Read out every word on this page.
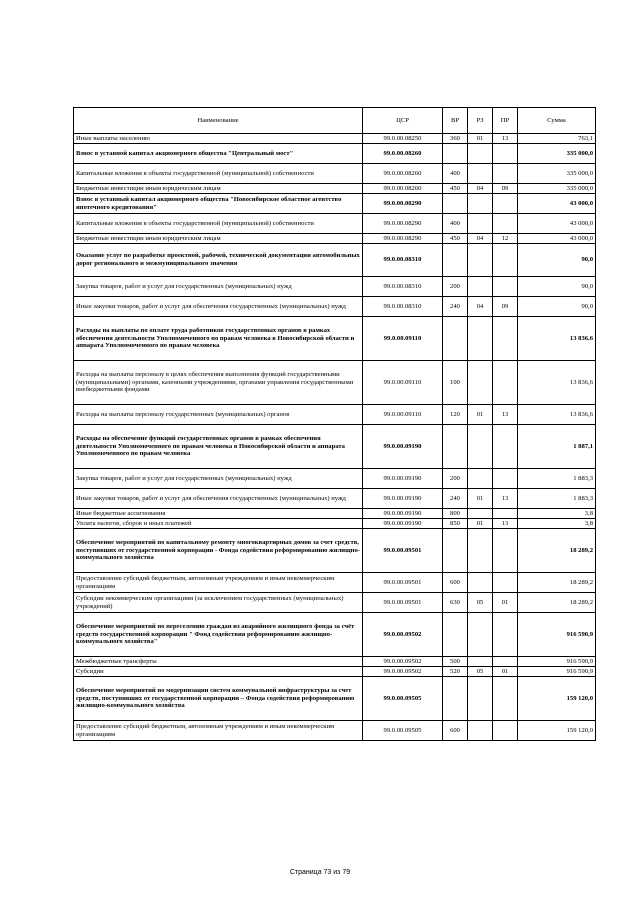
Наименование	ЦСР	ВР	РЗ	ПР	Сумма
Иные выплаты населению	99.0.00.08250	360	01	13	763,1
Взнос в уставной капитал акционерного общества "Центральный мост"	99.0.00.08260				335 000,0
Капитальные вложения в объекты государственной (муниципальной) собственности	99.0.00.08260	400			335 000,0
Бюджетные инвестиции иным юридическим лицам	99.0.00.08260	450	04	09	335 000,0
Взнос в уставный капитал акционерного общества "Новосибирское областное агентство ипотечного кредитования"	99.0.00.08290				43 000,0
Капитальные вложения в объекты государственной (муниципальной) собственности	99.0.00.08290	400			43 000,0
Бюджетные инвестиции иным юридическим лицам	99.0.00.08290	450	04	12	43 000,0
Оказание услуг по разработке проектной, рабочей, технической документации автомобильных дорог регионального и межмуниципального значения	99.0.00.08310				90,0
Закупка товаров, работ и услуг для государственных (муниципальных) нужд	99.0.00.08310	200			90,0
Иные закупки товаров, работ и услуг для обеспечения государственных (муниципальных) нужд	99.0.00.08310	240	04	09	90,0
Расходы на выплаты по оплате труда работников государственных органов в рамках обеспечения деятельности Уполномоченного по правам человека в Новосибирской области и аппарата Уполномоченного по правам человека	99.0.00.09110				13 836,6
Расходы на выплаты персоналу в целях обеспечения выполнения функций государственными (муниципальными) органами, казенными учреждениями, органами управления государственными внебюджетными фондами	99.0.00.09110	100			13 836,6
Расходы на выплаты персоналу государственных (муниципальных) органов	99.0.00.09110	120	01	13	13 836,6
Расходы на обеспечение функций государственных органов в рамках обеспечения деятельности Уполномоченного по правам человека в Новосибирской области и аппарата Уполномоченного по правам человека	99.0.00.09190				1 887,1
Закупка товаров, работ и услуг для государственных (муниципальных) нужд	99.0.00.09190	200			1 883,3
Иные закупки товаров, работ и услуг для обеспечения государственных (муниципальных) нужд	99.0.00.09190	240	01	13	1 883,3
Иные бюджетные ассигнования	99.0.00.09190	800			3,8
Уплата налогов, сборов и иных платежей	99.0.00.09190	850	01	13	3,8
Обеспечение мероприятий по капитальному ремонту многоквартирных домов за счет средств, поступивших от государственной корпорации - Фонда содействия реформированию жилищно-коммунального хозяйства	99.0.00.09501				18 289,2
Предоставление субсидий бюджетным, автономным учреждениям и иным некоммерческим организациям	99.0.00.09501	600			18 289,2
Субсидии некоммерческим организациям (за исключением государственных (муниципальных) учреждений)	99.0.00.09501	630	05	01	18 289,2
Обеспечение мероприятий по переселению граждан из аварийного жилищного фонда за счёт средств государственной корпорации " Фонд содействия реформированию жилищно-коммунального хозяйства"	99.0.00.09502				916 590,9
Межбюджетные трансферты	99.0.00.09502	500			916 590,9
Субсидии	99.0.00.09502	520	05	01	916 590,9
Обеспечение мероприятий по модернизации систем коммунальной инфраструктуры за счет средств, поступивших от государственной корпорации – Фонда содействия реформированию жилищно-коммунального хозяйства	99.0.00.09505				159 120,0
Предоставление субсидий бюджетным, автономным учреждениям и иным некоммерческим организациям	99.0.00.09505	600			159 120,0
Страница 73 из 79
